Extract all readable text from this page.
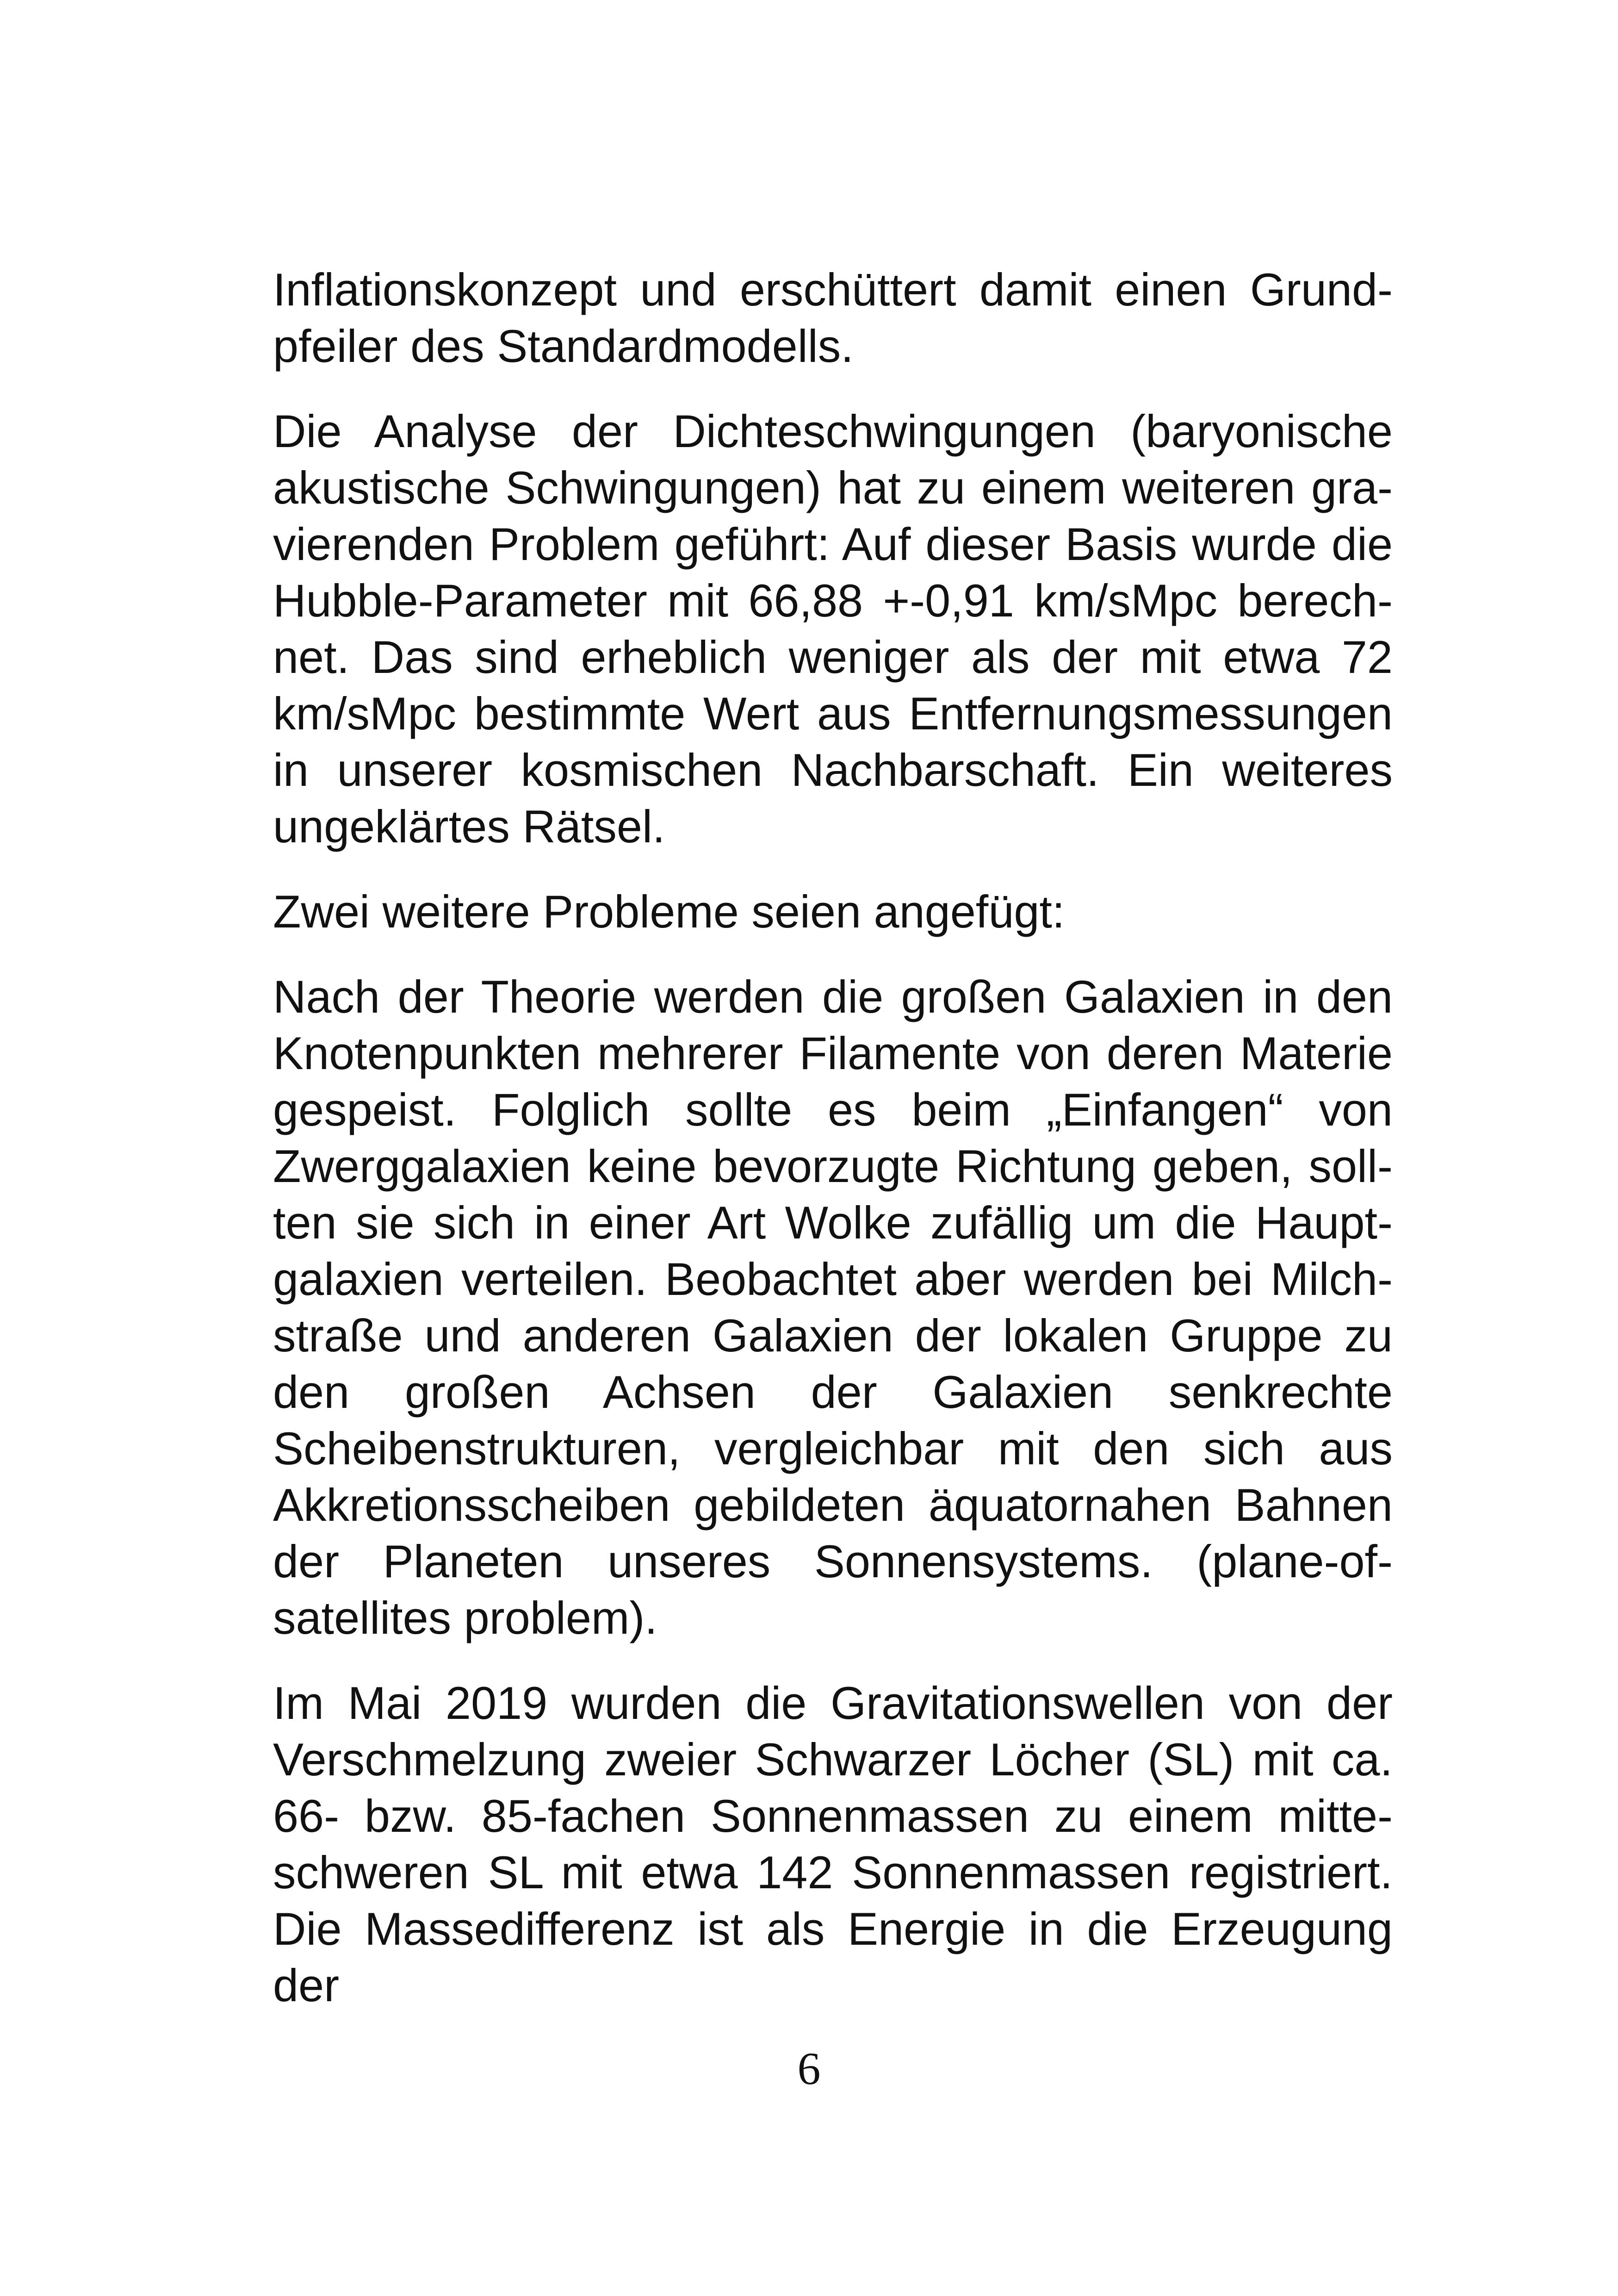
Inflationskonzept und erschüttert damit einen Grundpfeiler des Standardmodells.

Die Analyse der Dichteschwingungen (baryonische akustische Schwingungen) hat zu einem weiteren gravierenden Problem geführt: Auf dieser Basis wurde die Hubble-Parameter mit 66,88 +-0,91 km/sMpc berechnet. Das sind erheblich weniger als der mit etwa 72 km/sMpc bestimmte Wert aus Entfernungsmessungen in unserer kosmischen Nachbarschaft. Ein weiteres ungeklärtes Rätsel.

Zwei weitere Probleme seien angefügt:

Nach der Theorie werden die großen Galaxien in den Knotenpunkten mehrerer Filamente von deren Materie gespeist. Folglich sollte es beim „Einfangen“ von Zwerggalaxien keine bevorzugte Richtung geben, sollten sie sich in einer Art Wolke zufällig um die Hauptgalaxien verteilen. Beobachtet aber werden bei Milchstraße und anderen Galaxien der lokalen Gruppe zu den großen Achsen der Galaxien senkrechte Scheibenstrukturen, vergleichbar mit den sich aus Akkretionsscheiben gebildeten äquatornahen Bahnen der Planeten unseres Sonnensystems. (plane-of-satellites problem).

Im Mai 2019 wurden die Gravitationswellen von der Verschmelzung zweier Schwarzer Löcher (SL) mit ca. 66- bzw. 85-fachen Sonnenmassen zu einem mitteschweren SL mit etwa 142 Sonnenmassen registriert. Die Massedifferenz ist als Energie in die Erzeugung der

6
